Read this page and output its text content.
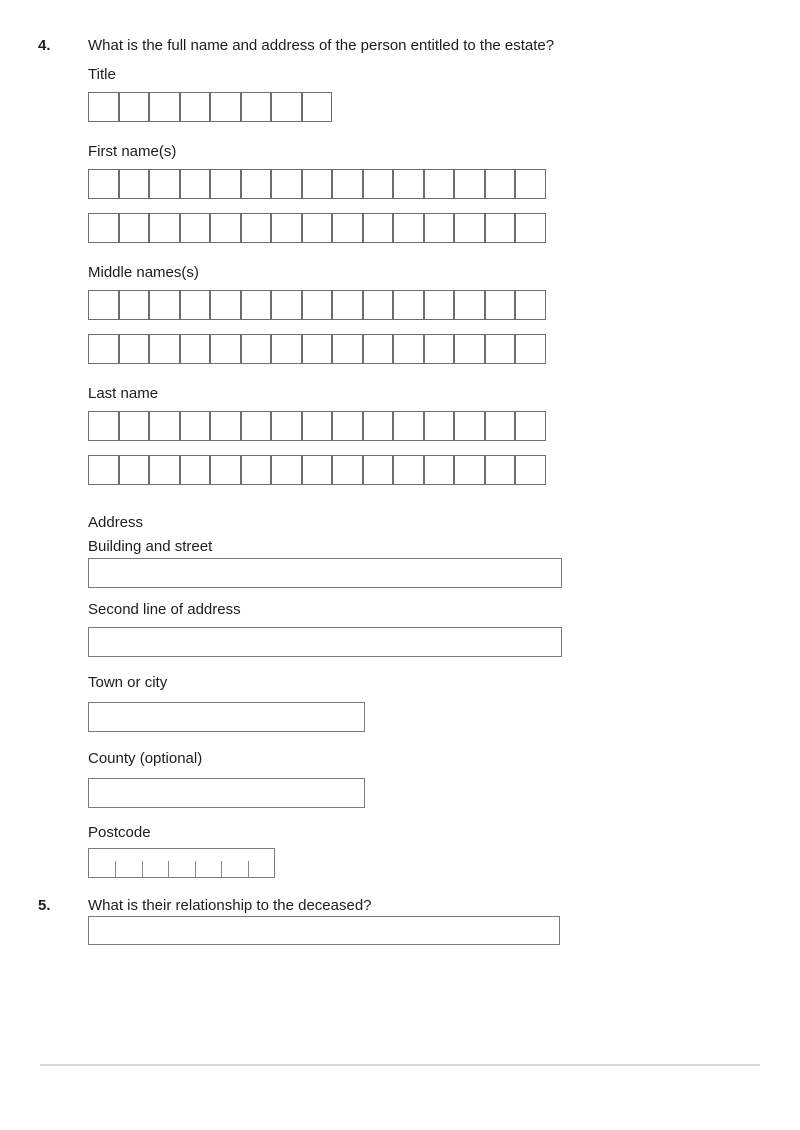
4.	What is the full name and address of the person entitled to the estate?
Title
First name(s)
Middle names(s)
Last name
Address
Building and street
Second line of address
Town or city
County (optional)
Postcode
5.	What is their relationship to the deceased?
